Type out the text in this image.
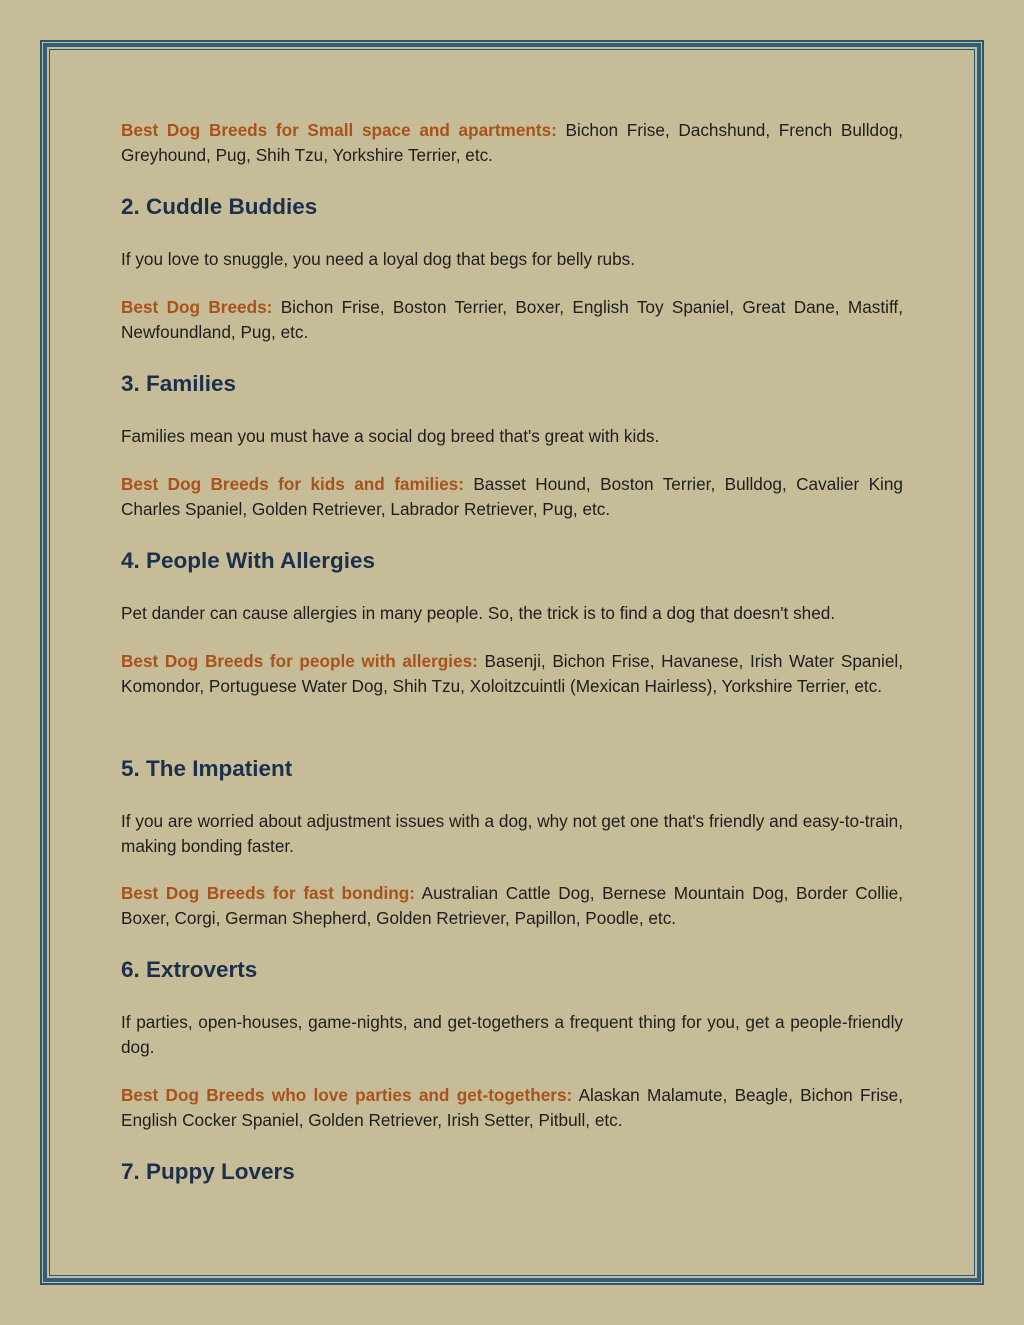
Best Dog Breeds for Small space and apartments: Bichon Frise, Dachshund, French Bulldog, Greyhound, Pug, Shih Tzu, Yorkshire Terrier, etc.

2. Cuddle Buddies

If you love to snuggle, you need a loyal dog that begs for belly rubs.

Best Dog Breeds: Bichon Frise, Boston Terrier, Boxer, English Toy Spaniel, Great Dane, Mastiff, Newfoundland, Pug, etc.

3. Families

Families mean you must have a social dog breed that's great with kids.

Best Dog Breeds for kids and families: Basset Hound, Boston Terrier, Bulldog, Cavalier King Charles Spaniel, Golden Retriever, Labrador Retriever, Pug, etc.

4. People With Allergies

Pet dander can cause allergies in many people. So, the trick is to find a dog that doesn't shed.

Best Dog Breeds for people with allergies: Basenji, Bichon Frise, Havanese, Irish Water Spaniel, Komondor, Portuguese Water Dog, Shih Tzu, Xoloitzcuintli (Mexican Hairless), Yorkshire Terrier, etc.

5. The Impatient

If you are worried about adjustment issues with a dog, why not get one that's friendly and easy-to-train, making bonding faster.

Best Dog Breeds for fast bonding: Australian Cattle Dog, Bernese Mountain Dog, Border Collie, Boxer, Corgi, German Shepherd, Golden Retriever, Papillon, Poodle, etc.

6. Extroverts

If parties, open-houses, game-nights, and get-togethers a frequent thing for you, get a people-friendly dog.

Best Dog Breeds who love parties and get-togethers: Alaskan Malamute, Beagle, Bichon Frise, English Cocker Spaniel, Golden Retriever, Irish Setter, Pitbull, etc.

7. Puppy Lovers
